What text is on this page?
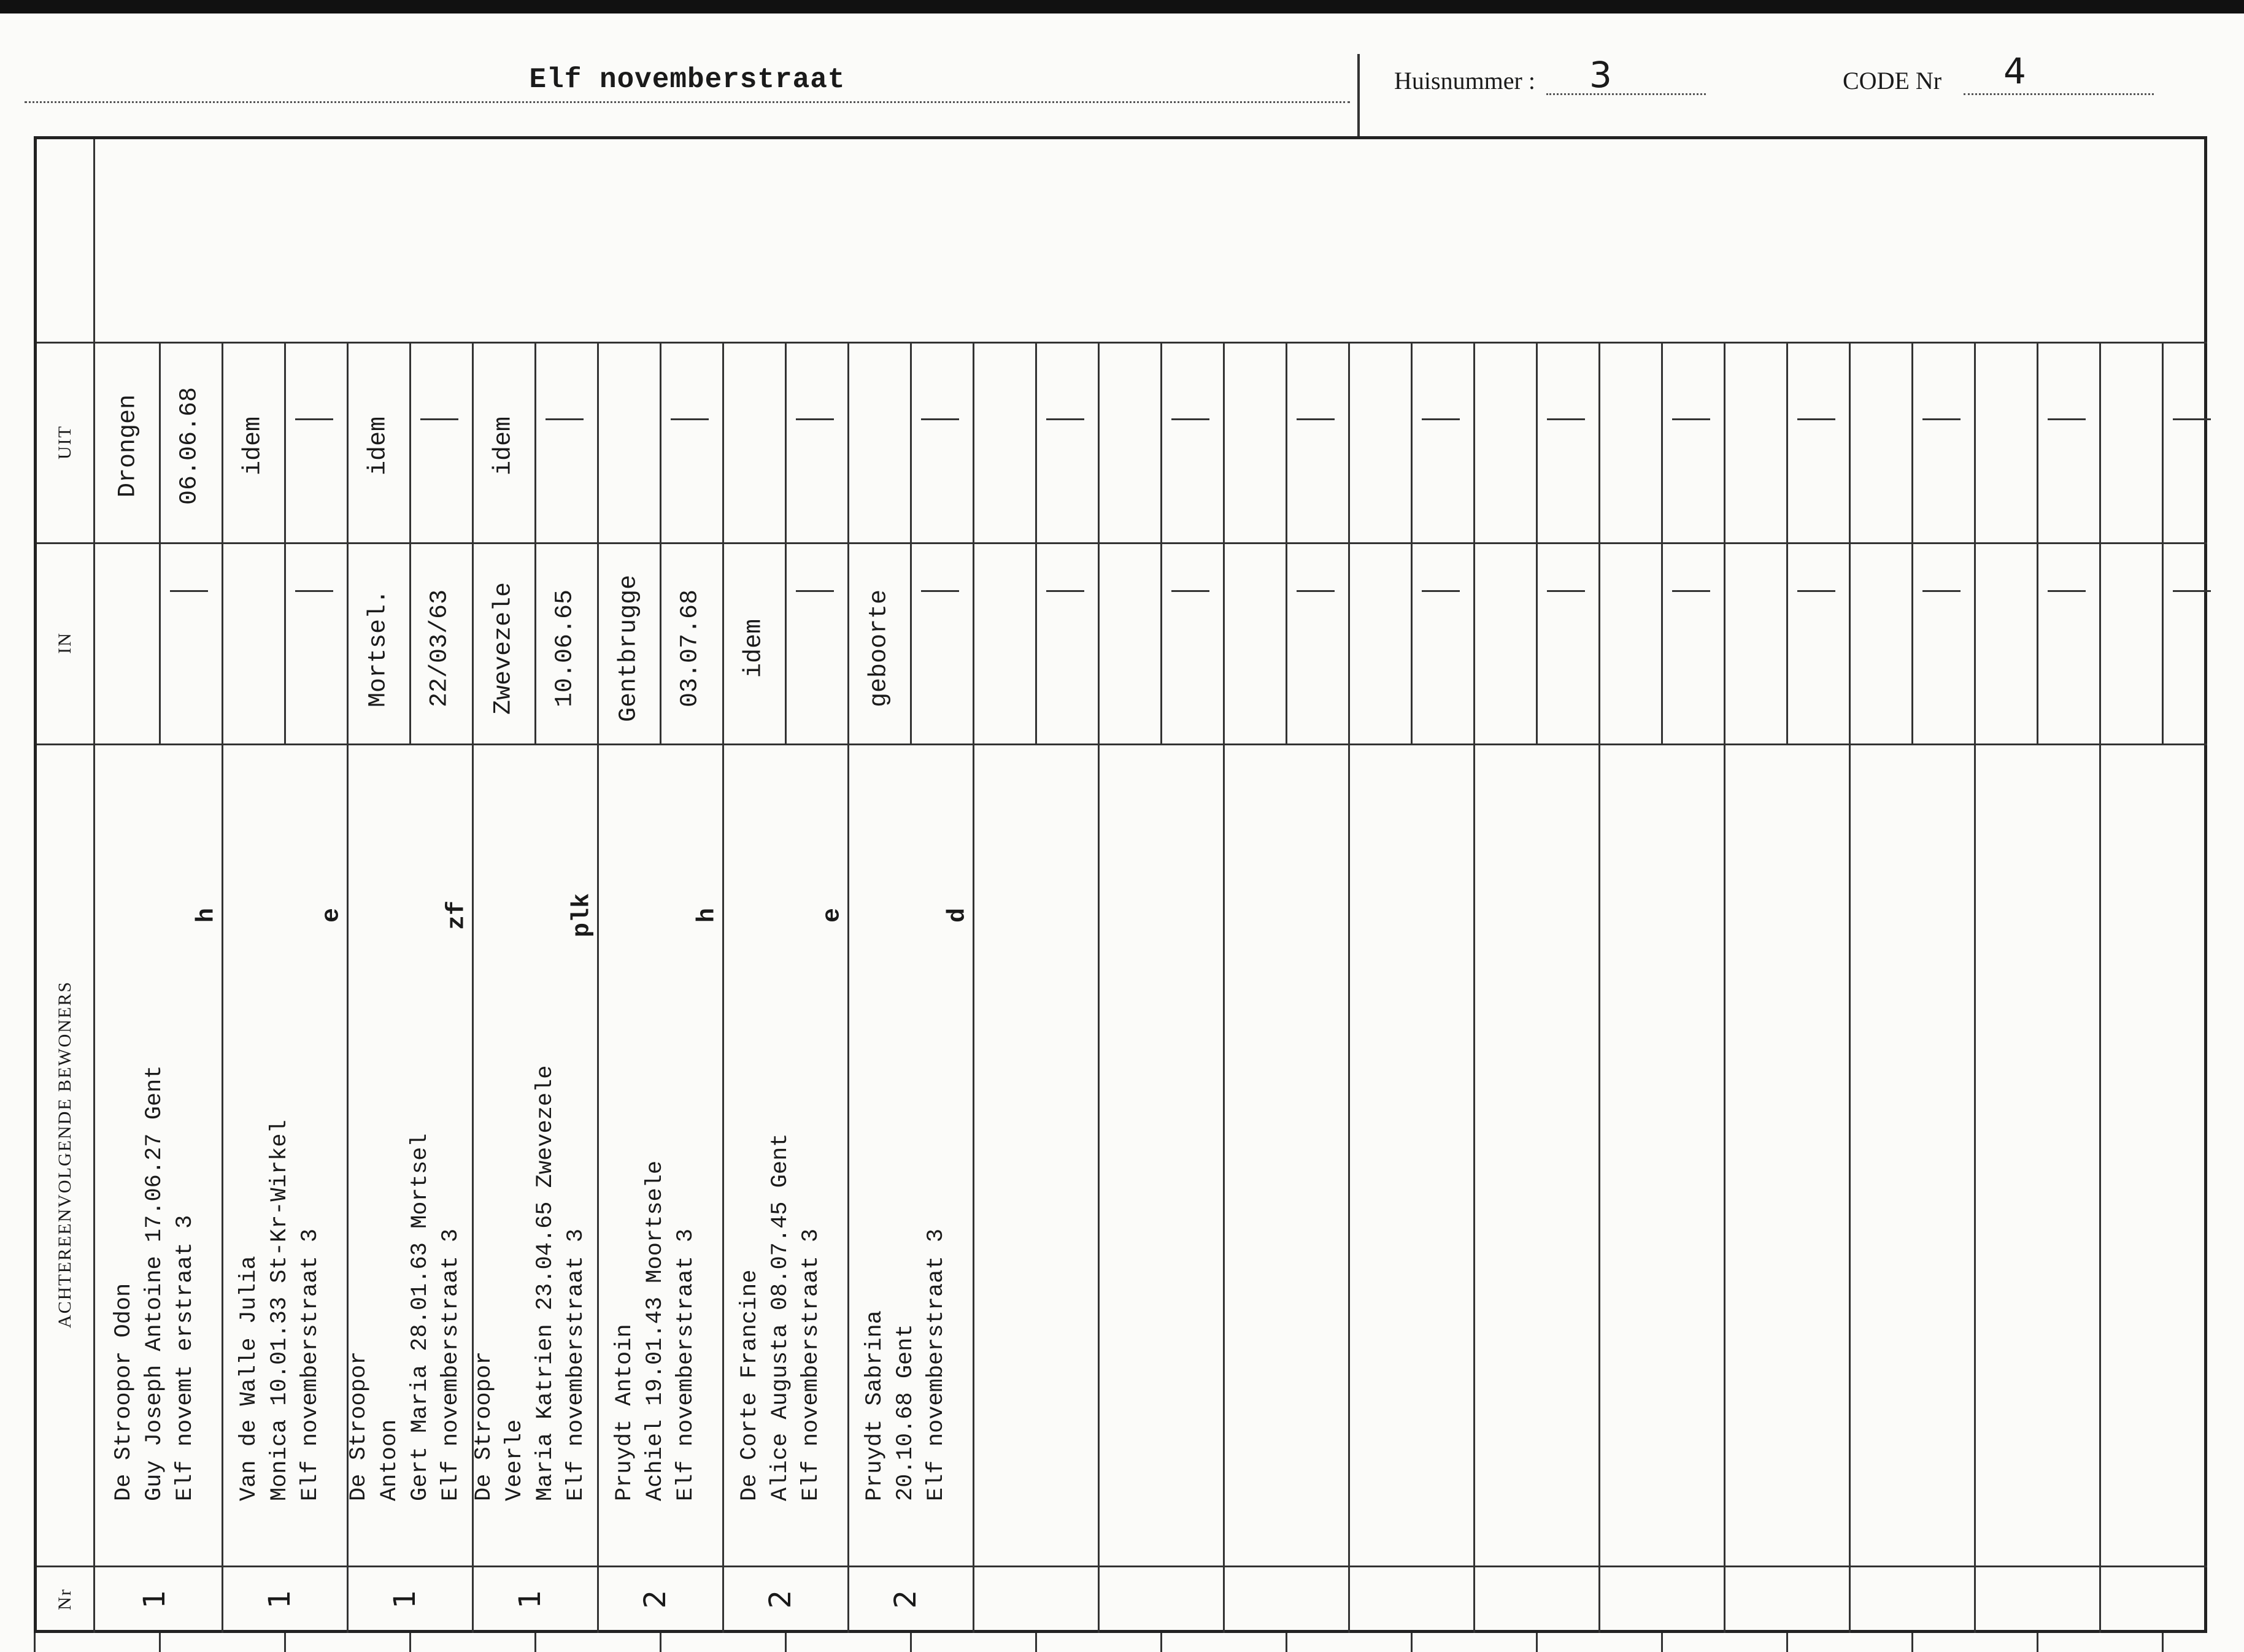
Elf novemberstraat	Huisnummer : 3	CODE Nr 4
UIT
IN
ACHTEREENVOLGENDE BEWONERS
Nr
De Stroopor Odon Guy Joseph Antoine 17.06.27 Gent Elf novemt erstraat 3
h
Drongen 06.06.68
1
Van de Walle Julia Monica 10.01.33 St-Kr-Wirkel Elf novemberstraat 3
e
idem
1
De Stroopor Antoon Gert Maria 28.01.63 Mortsel Elf novemberstraat 3
zf
Mortsel. 22/03/63
idem
1
De Stroopor Veerle Maria Katrien 23.04.65 Zwevezele Elf novemberstraat 3
plk
Zwevezele 10.06.65
idem
1
Pruydt Antoin Achiel 19.01.43 Moortsele Elf novemberstraat 3
h
Gentbrugge 03.07.68
2
De Corte Francine Alice Augusta 08.07.45 Gent Elf novemberstraat 3
e
idem
2
Pruydt Sabrina 20.10.68 Gent Elf novemberstraat 3
d
geboorte
2
